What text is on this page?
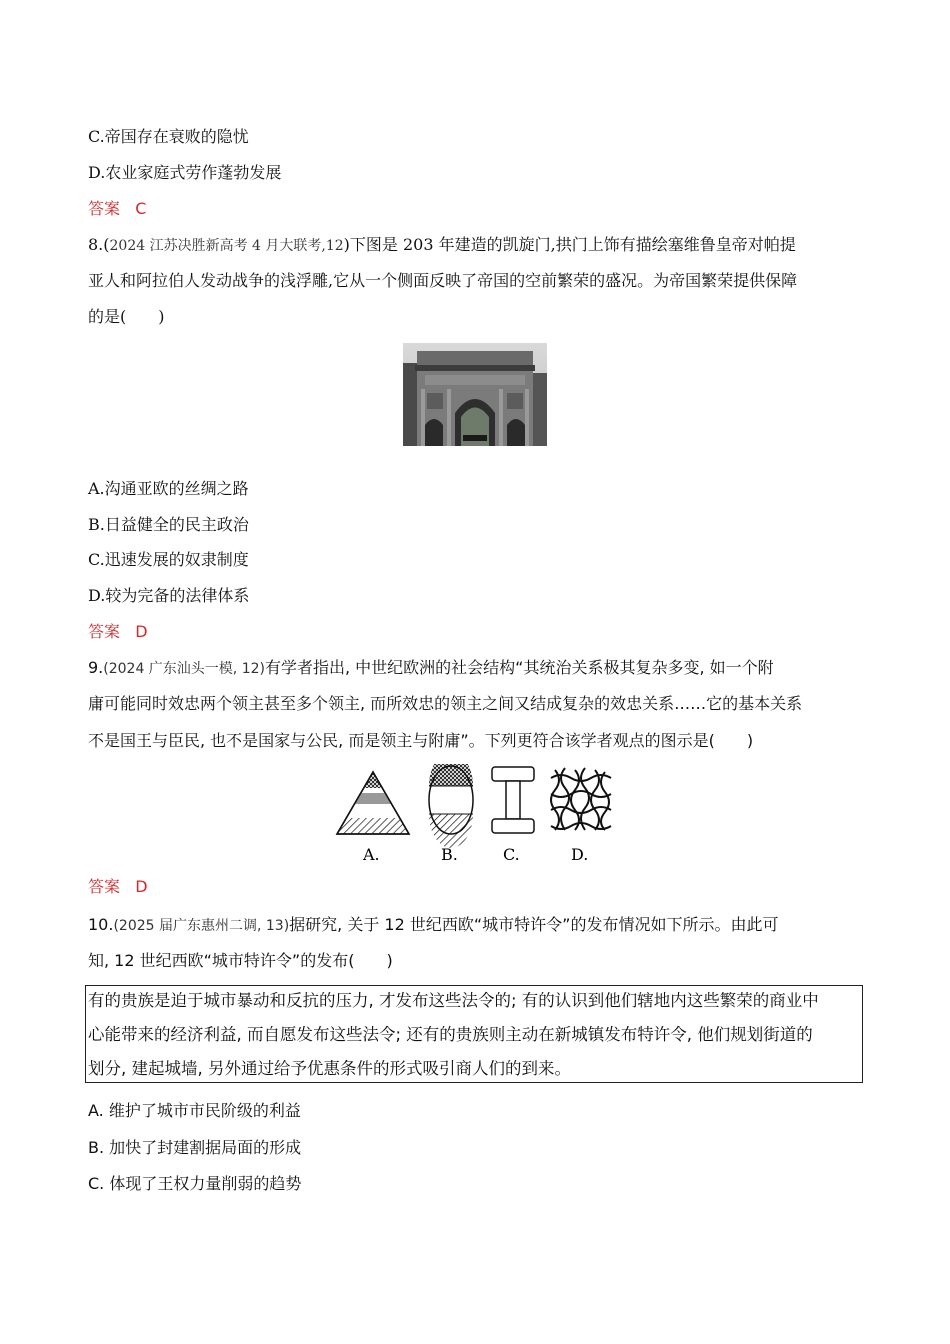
C.帝国存在衰败的隐忧
D.农业家庭式劳作蓬勃发展
答案 C
8.(2024 江苏决胜新高考 4 月大联考,12)下图是 203 年建造的凯旋门,拱门上饰有描绘塞维鲁皇帝对帕提
亚人和阿拉伯人发动战争的浅浮雕,它从一个侧面反映了帝国的空前繁荣的盛况。为帝国繁荣提供保障
的是(　　)
A.沟通亚欧的丝绸之路
B.日益健全的民主政治
C.迅速发展的奴隶制度
D.较为完备的法律体系
答案 D
9.(2024 广东汕头一模, 12)有学者指出, 中世纪欧洲的社会结构“其统治关系极其复杂多变, 如一个附
庸可能同时效忠两个领主甚至多个领主, 而所效忠的领主之间又结成复杂的效忠关系……它的基本关系
不是国王与臣民, 也不是国家与公民, 而是领主与附庸”。下列更符合该学者观点的图示是(　　)
A.	B.	C.	D.
答案 D
10.(2025 届广东惠州二调, 13)据研究, 关于 12 世纪西欧“城市特许令”的发布情况如下所示。由此可
知, 12 世纪西欧“城市特许令”的发布(　　)
有的贵族是迫于城市暴动和反抗的压力, 才发布这些法令的; 有的认识到他们辖地内这些繁荣的商业中
心能带来的经济利益, 而自愿发布这些法令; 还有的贵族则主动在新城镇发布特许令, 他们规划街道的
划分, 建起城墙, 另外通过给予优惠条件的形式吸引商人们的到来。
A. 维护了城市市民阶级的利益
B. 加快了封建割据局面的形成
C. 体现了王权力量削弱的趋势
